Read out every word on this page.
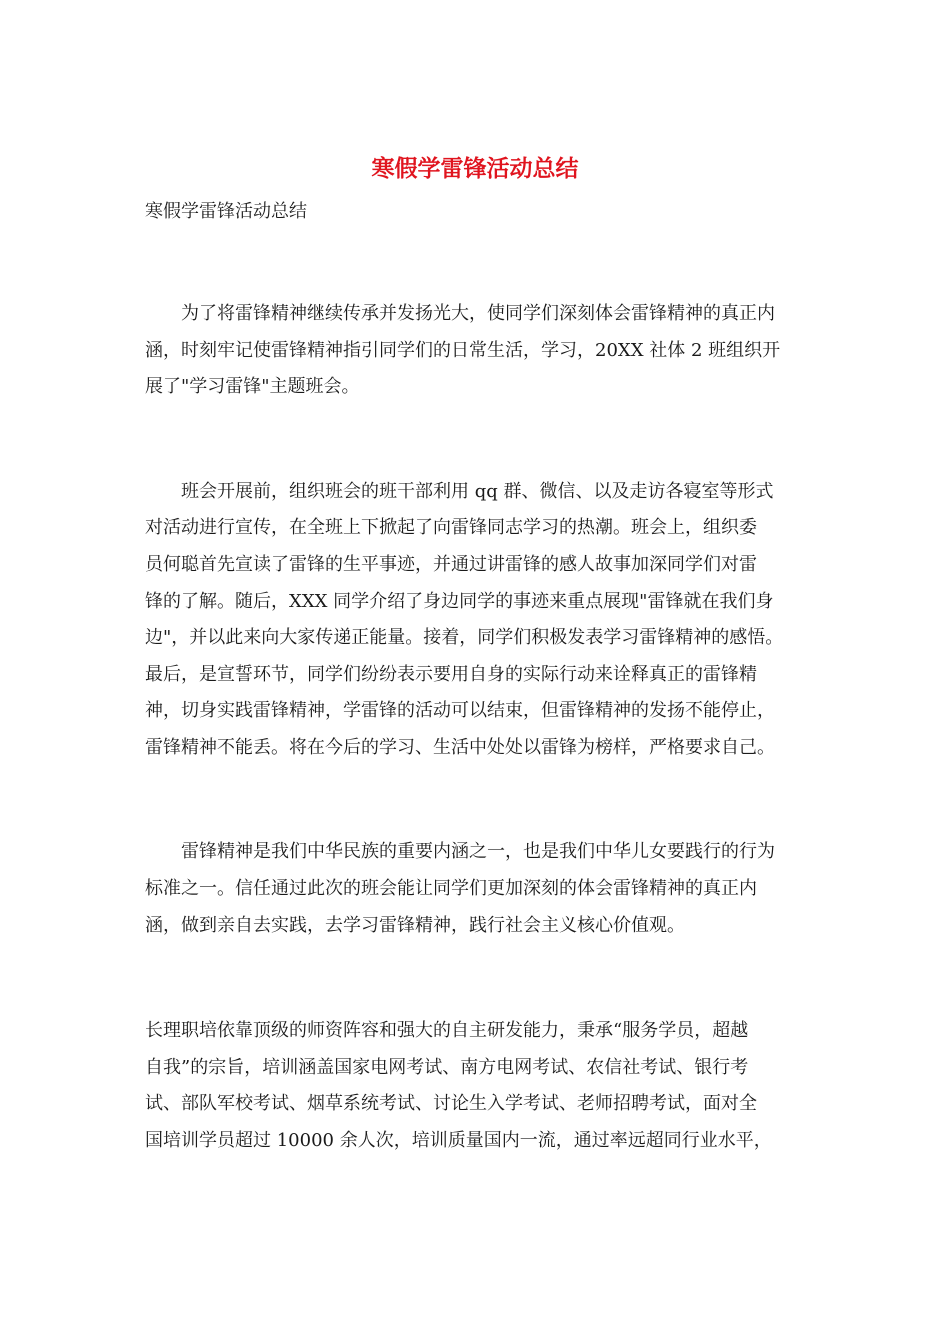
寒假学雷锋活动总结

寒假学雷锋活动总结

　　为了将雷锋精神继续传承并发扬光大，使同学们深刻体会雷锋精神的真正内

涵，时刻牢记使雷锋精神指引同学们的日常生活，学习，20XX 社体 2 班组织开

展了"学习雷锋"主题班会。

　　班会开展前，组织班会的班干部利用 qq 群、微信、以及走访各寝室等形式

对活动进行宣传，在全班上下掀起了向雷锋同志学习的热潮。班会上，组织委

员何聪首先宣读了雷锋的生平事迹，并通过讲雷锋的感人故事加深同学们对雷

锋的了解。随后，XXX 同学介绍了身边同学的事迹来重点展现"雷锋就在我们身

边"，并以此来向大家传递正能量。接着，同学们积极发表学习雷锋精神的感悟。

最后，是宣誓环节，同学们纷纷表示要用自身的实际行动来诠释真正的雷锋精

神，切身实践雷锋精神，学雷锋的活动可以结束，但雷锋精神的发扬不能停止，

雷锋精神不能丢。将在今后的学习、生活中处处以雷锋为榜样，严格要求自己。

　　雷锋精神是我们中华民族的重要内涵之一，也是我们中华儿女要践行的行为

标准之一。信任通过此次的班会能让同学们更加深刻的体会雷锋精神的真正内

涵，做到亲自去实践，去学习雷锋精神，践行社会主义核心价值观。

长理职培依靠顶级的师资阵容和强大的自主研发能力，秉承“服务学员，超越

自我”的宗旨，培训涵盖国家电网考试、南方电网考试、农信社考试、银行考

试、部队军校考试、烟草系统考试、讨论生入学考试、老师招聘考试，面对全

国培训学员超过 10000 余人次，培训质量国内一流，通过率远超同行业水平，
